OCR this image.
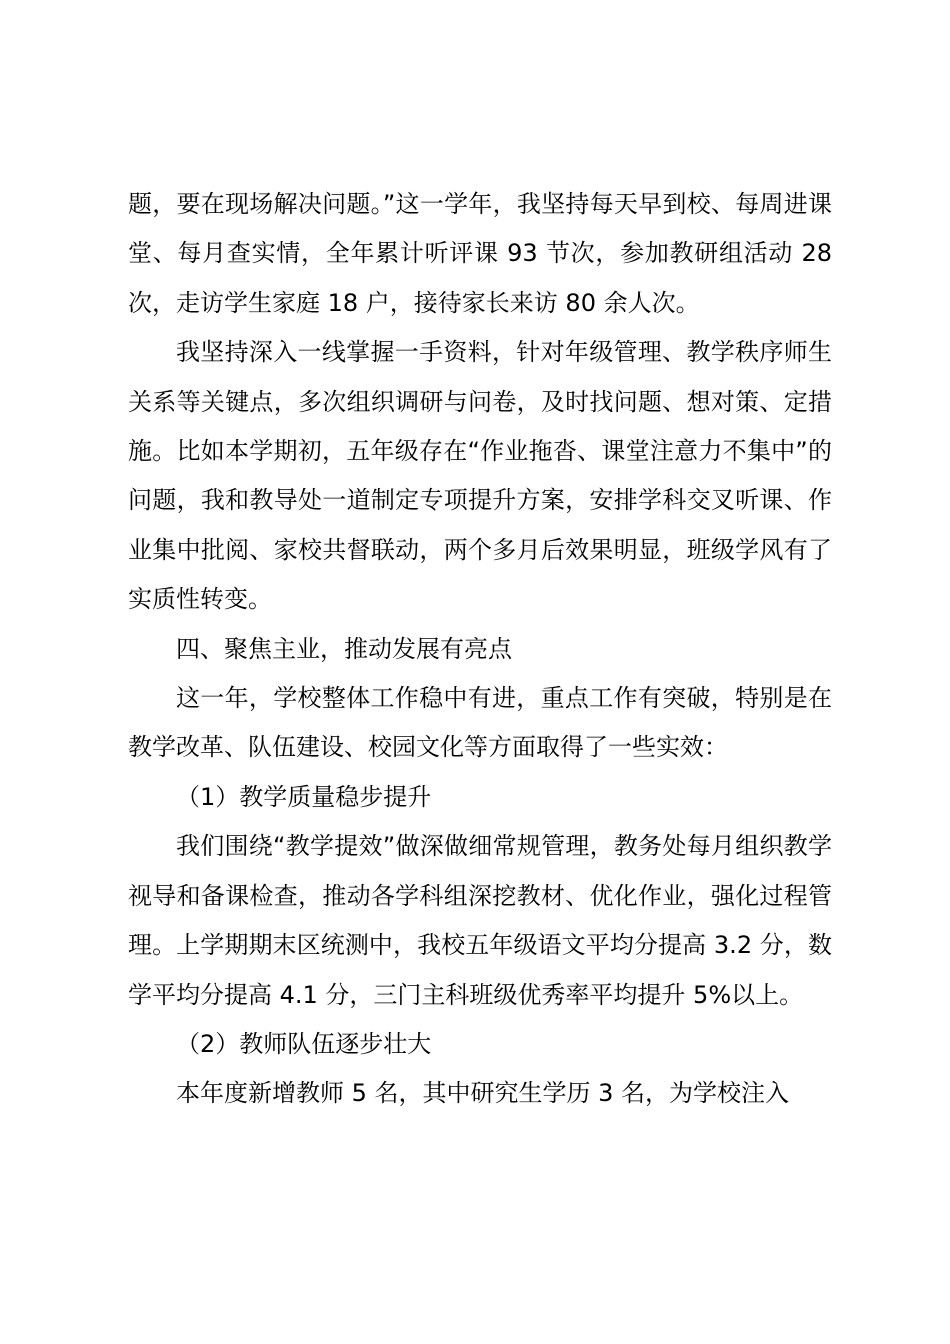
题，要在现场解决问题。”这一学年，我坚持每天早到校、每周进课堂、每月查实情，全年累计听评课 93 节次，参加教研组活动 28 次，走访学生家庭 18 户，接待家长来访 80 余人次。

我坚持深入一线掌握一手资料，针对年级管理、教学秩序师生关系等关键点，多次组织调研与问卷，及时找问题、想对策、定措施。比如本学期初，五年级存在“作业拖沓、课堂注意力不集中”的问题，我和教导处一道制定专项提升方案，安排学科交叉听课、作业集中批阅、家校共督联动，两个多月后效果明显，班级学风有了实质性转变。

四、聚焦主业，推动发展有亮点

这一年，学校整体工作稳中有进，重点工作有突破，特别是在教学改革、队伍建设、校园文化等方面取得了一些实效：

（1）教学质量稳步提升

我们围绕“教学提效”做深做细常规管理，教务处每月组织教学视导和备课检查，推动各学科组深挖教材、优化作业，强化过程管理。上学期期末区统测中，我校五年级语文平均分提高 3.2 分，数学平均分提高 4.1 分，三门主科班级优秀率平均提升 5%以上。

（2）教师队伍逐步壮大

本年度新增教师 5 名，其中研究生学历 3 名，为学校注入
